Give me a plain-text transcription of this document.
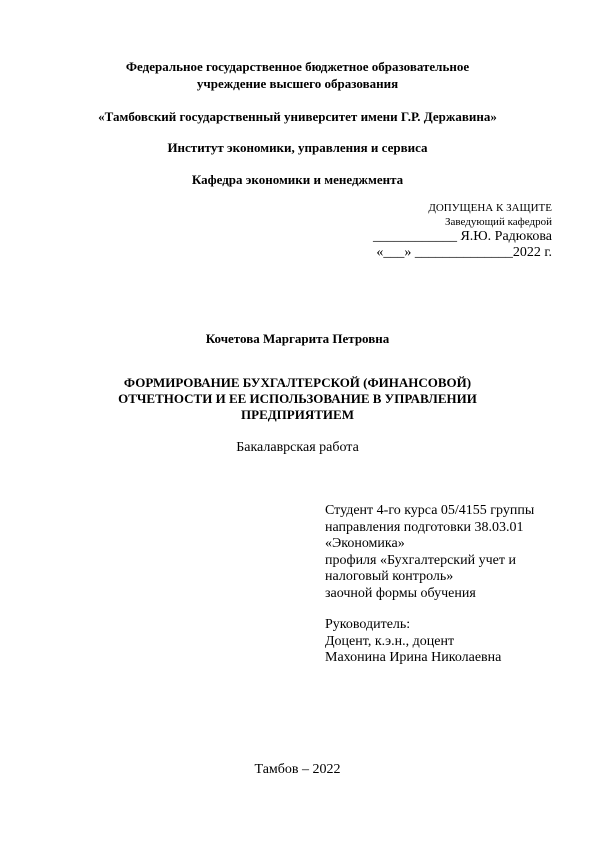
Федеральное государственное бюджетное образовательное
учреждение высшего образования
«Тамбовский государственный университет имени Г.Р. Державина»
Институт экономики, управления и сервиса
Кафедра экономики и менеджмента
ДОПУЩЕНА К ЗАЩИТЕ
Заведующий кафедрой
____________ Я.Ю. Радюкова
«___» ______________2022 г.
Кочетова Маргарита Петровна
ФОРМИРОВАНИЕ БУХГАЛТЕРСКОЙ (ФИНАНСОВОЙ)
ОТЧЕТНОСТИ И ЕЕ ИСПОЛЬЗОВАНИЕ В УПРАВЛЕНИИ
ПРЕДПРИЯТИЕМ
Бакалаврская работа
Студент 4-го курса 05/4155 группы
направления подготовки 38.03.01
«Экономика»
профиля «Бухгалтерский учет и
налоговый контроль»
заочной формы обучения
Руководитель:
Доцент, к.э.н., доцент
Махонина Ирина Николаевна
Тамбов – 2022
